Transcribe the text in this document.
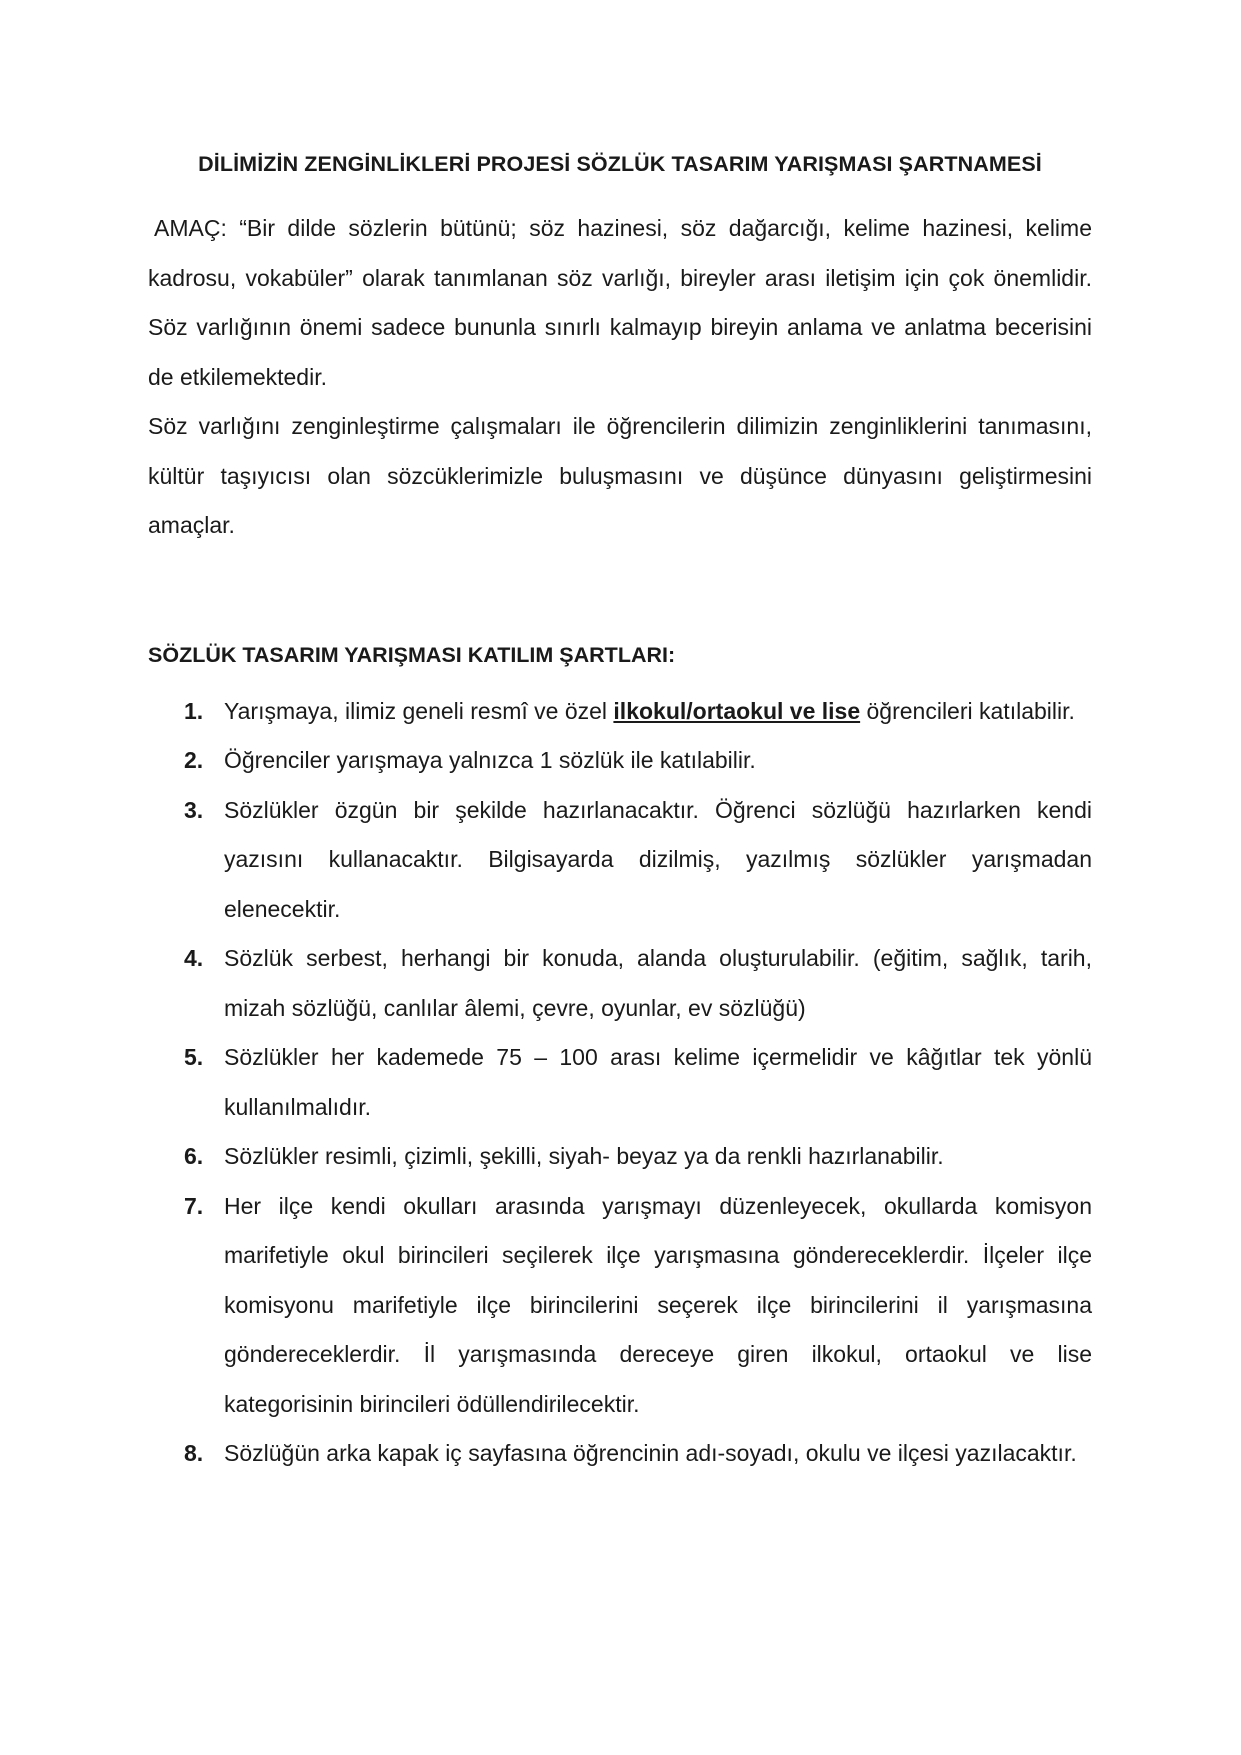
DİLİMİZİN ZENGİNLİKLERİ PROJESİ SÖZLÜK TASARIM YARIŞMASI ŞARTNAMESİ

AMAÇ: “Bir dilde sözlerin bütünü; söz hazinesi, söz dağarcığı, kelime hazinesi, kelime kadrosu, vokabüler” olarak tanımlanan söz varlığı, bireyler arası iletişim için çok önemlidir. Söz varlığının önemi sadece bununla sınırlı kalmayıp bireyin anlama ve anlatma becerisini de etkilemektedir.

Söz varlığını zenginleştirme çalışmaları ile öğrencilerin dilimizin zenginliklerini tanımasını, kültür taşıyıcısı olan sözcüklerimizle buluşmasını ve düşünce dünyasını geliştirmesini amaçlar.

SÖZLÜK TASARIM YARIŞMASI KATILIM ŞARTLARI:
1. Yarışmaya, ilimiz geneli resmî ve özel ilkokul/ortaokul ve lise öğrencileri katılabilir.
2. Öğrenciler yarışmaya yalnızca 1 sözlük ile katılabilir.
3. Sözlükler özgün bir şekilde hazırlanacaktır. Öğrenci sözlüğü hazırlarken kendi yazısını kullanacaktır. Bilgisayarda dizilmiş, yazılmış sözlükler yarışmadan elenecektir.
4. Sözlük serbest, herhangi bir konuda, alanda oluşturulabilir. (eğitim, sağlık, tarih, mizah sözlüğü, canlılar âlemi, çevre, oyunlar, ev sözlüğü)
5. Sözlükler her kademede 75 – 100 arası kelime içermelidir ve kâğıtlar tek yönlü kullanılmalıdır.
6. Sözlükler resimli, çizimli, şekilli, siyah- beyaz ya da renkli hazırlanabilir.
7. Her ilçe kendi okulları arasında yarışmayı düzenleyecek, okullarda komisyon marifetiyle okul birincileri seçilerek ilçe yarışmasına göndereceklerdir. İlçeler ilçe komisyonu marifetiyle ilçe birincilerini seçerek ilçe birincilerini il yarışmasına göndereceklerdir. İl yarışmasında dereceye giren ilkokul, ortaokul ve lise kategorisinin birincileri ödüllendirilecektir.
8. Sözlüğün arka kapak iç sayfasına öğrencinin adı-soyadı, okulu ve ilçesi yazılacaktır.
